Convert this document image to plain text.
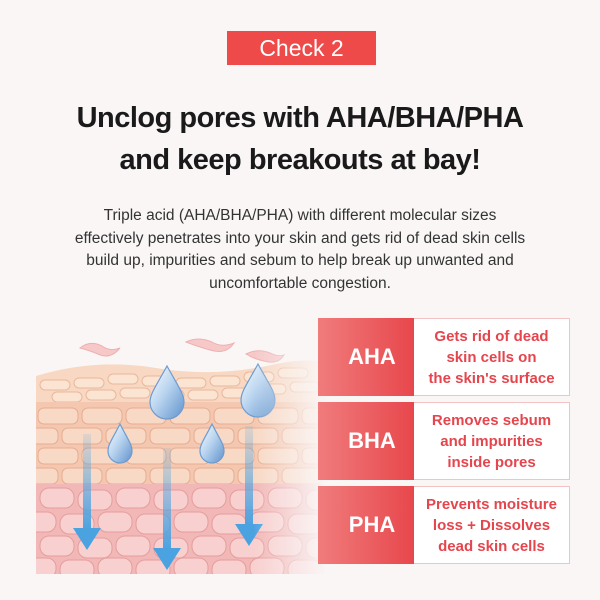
Check 2
Unclog pores with AHA/BHA/PHA
and keep breakouts at bay!
Triple acid (AHA/BHA/PHA) with different molecular sizes
effectively penetrates into your skin and gets rid of dead skin cells
build up, impurities and sebum to help break up unwanted and
uncomfortable congestion.
AHA
Gets rid of dead
skin cells on
the skin's surface
BHA
Removes sebum
and impurities
inside pores
PHA
Prevents moisture
loss + Dissolves
dead skin cells
